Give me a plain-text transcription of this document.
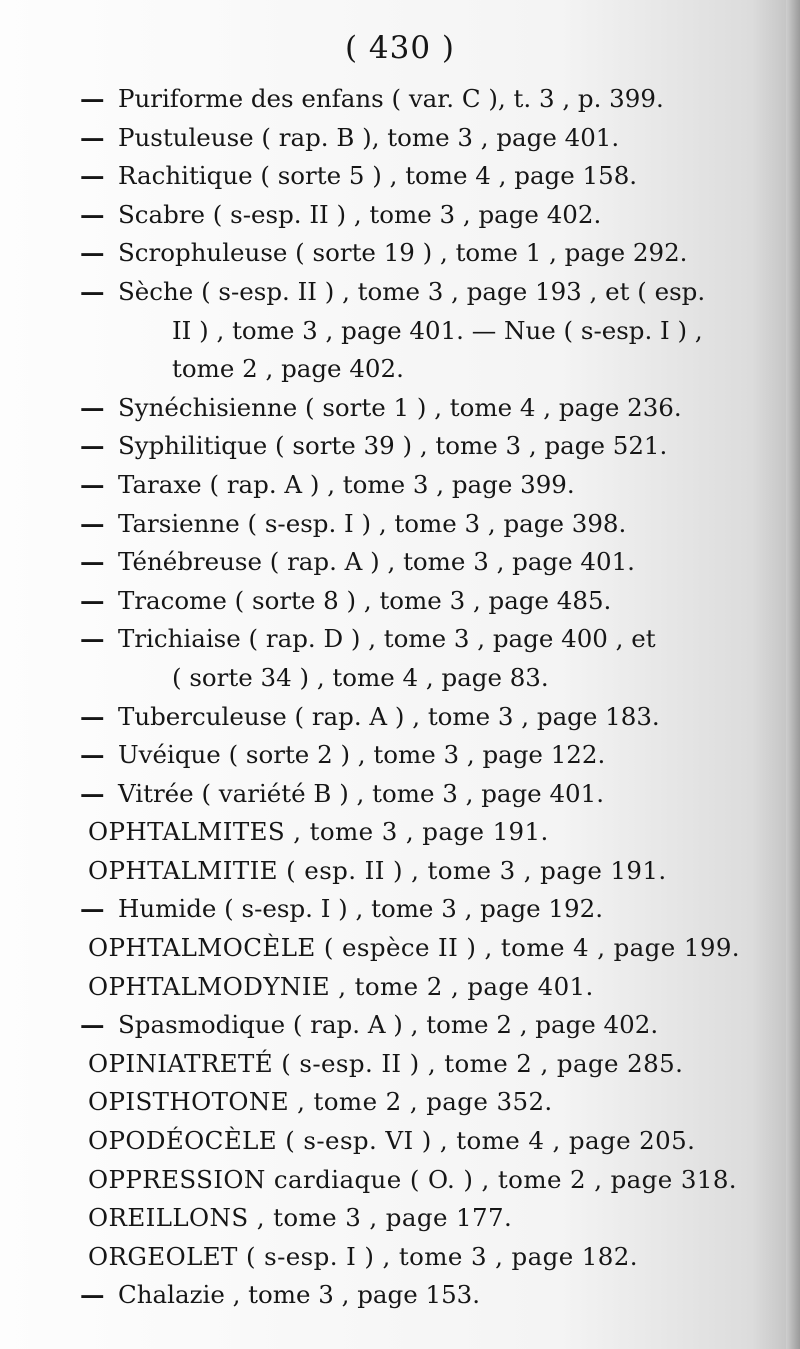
( 430 )
— Puriforme des enfans ( var. C ), t. 3 , p. 399.
— Pustuleuse ( rap. B ), tome 3 , page 401.
— Rachitique ( sorte 5 ) , tome 4 , page 158.
— Scabre ( s-esp. II ) , tome 3 , page 402.
— Scrophuleuse ( sorte 19 ) , tome 1 , page 292.
— Sèche ( s-esp. II ) , tome 3 , page 193 , et ( esp.
II ) , tome 3 , page 401. — Nue ( s-esp. I ) ,
tome 2 , page 402.
— Synéchisienne ( sorte 1 ) , tome 4 , page 236.
— Syphilitique ( sorte 39 ) , tome 3 , page 521.
— Taraxe ( rap. A ) , tome 3 , page 399.
— Tarsienne ( s-esp. I ) , tome 3 , page 398.
— Ténébreuse ( rap. A ) , tome 3 , page 401.
— Tracome ( sorte 8 ) , tome 3 , page 485.
— Trichiaise ( rap. D ) , tome 3 , page 400 , et
( sorte 34 ) , tome 4 , page 83.
— Tuberculeuse ( rap. A ) , tome 3 , page 183.
— Uvéique ( sorte 2 ) , tome 3 , page 122.
— Vitrée ( variété B ) , tome 3 , page 401.
OPHTALMITES , tome 3 , page 191.
OPHTALMITIE ( esp. II ) , tome 3 , page 191.
— Humide ( s-esp. I ) , tome 3 , page 192.
OPHTALMOCÈLE ( espèce II ) , tome 4 , page 199.
OPHTALMODYNIE , tome 2 , page 401.
— Spasmodique ( rap. A ) , tome 2 , page 402.
OPINIATRETÉ ( s-esp. II ) , tome 2 , page 285.
OPISTHOTONE , tome 2 , page 352.
OPODÉOCÈLE ( s-esp. VI ) , tome 4 , page 205.
OPPRESSION cardiaque ( O. ) , tome 2 , page 318.
OREILLONS , tome 3 , page 177.
ORGEOLET ( s-esp. I ) , tome 3 , page 182.
— Chalazie , tome 3 , page 153.
